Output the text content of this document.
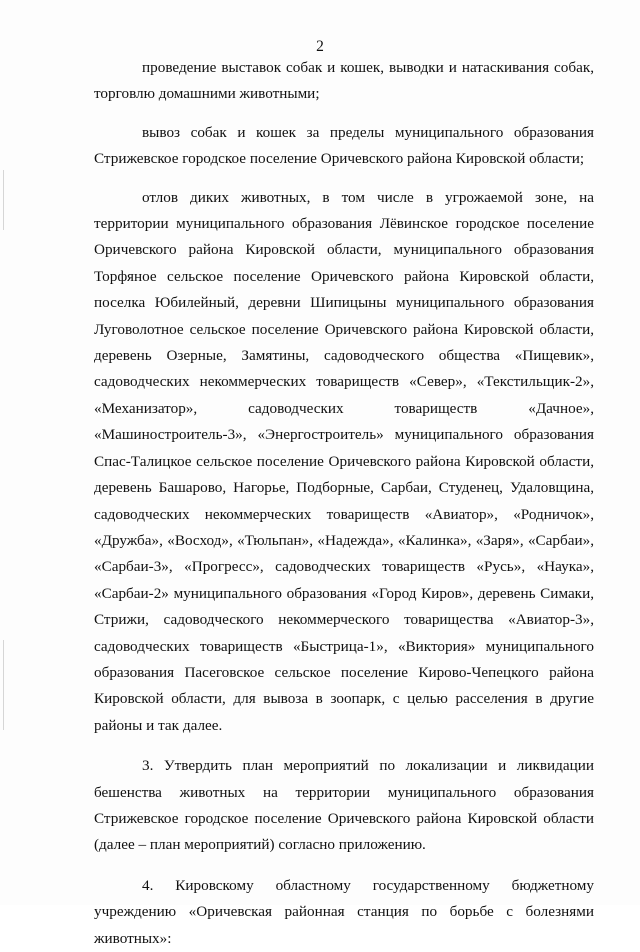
2

проведение выставок собак и кошек, выводки и натаскивания собак, торговлю домашними животными;

вывоз собак и кошек за пределы муниципального образования Стрижевское городское поселение Оричевского района Кировской области;

отлов диких животных, в том числе в угрожаемой зоне, на территории муниципального образования Лёвинское городское поселение Оричевского района Кировской области, муниципального образования Торфяное сельское поселение Оричевского района Кировской области, поселка Юбилейный, деревни Шипицыны муниципального образования Луговолотное сельское поселение Оричевского района Кировской области, деревень Озерные, Замятины, садоводческого общества «Пищевик», садоводческих некоммерческих товариществ «Север», «Текстильщик-2», «Механизатор», садоводческих товариществ «Дачное», «Машиностроитель-3», «Энергостроитель» муниципального образования Спас-Талицкое сельское поселение Оричевского района Кировской области, деревень Башарово, Нагорье, Подборные, Сарбаи, Студенец, Удаловщина, садоводческих некоммерческих товариществ «Авиатор», «Родничок», «Дружба», «Восход», «Тюльпан», «Надежда», «Калинка», «Заря», «Сарбаи», «Сарбаи-3», «Прогресс», садоводческих товариществ «Русь», «Наука», «Сарбаи-2» муниципального образования «Город Киров», деревень Симаки, Стрижи, садоводческого некоммерческого товарищества «Авиатор-3», садоводческих товариществ «Быстрица-1», «Виктория» муниципального образования Пасеговское сельское поселение Кирово-Чепецкого района Кировской области, для вывоза в зоопарк, с целью расселения в другие районы и так далее.

3. Утвердить план мероприятий по локализации и ликвидации бешенства животных на территории муниципального образования Стрижевское городское поселение Оричевского района Кировской области (далее – план мероприятий) согласно приложению.

4. Кировскому областному государственному бюджетному учреждению «Оричевская районная станция по борьбе с болезнями животных»:
